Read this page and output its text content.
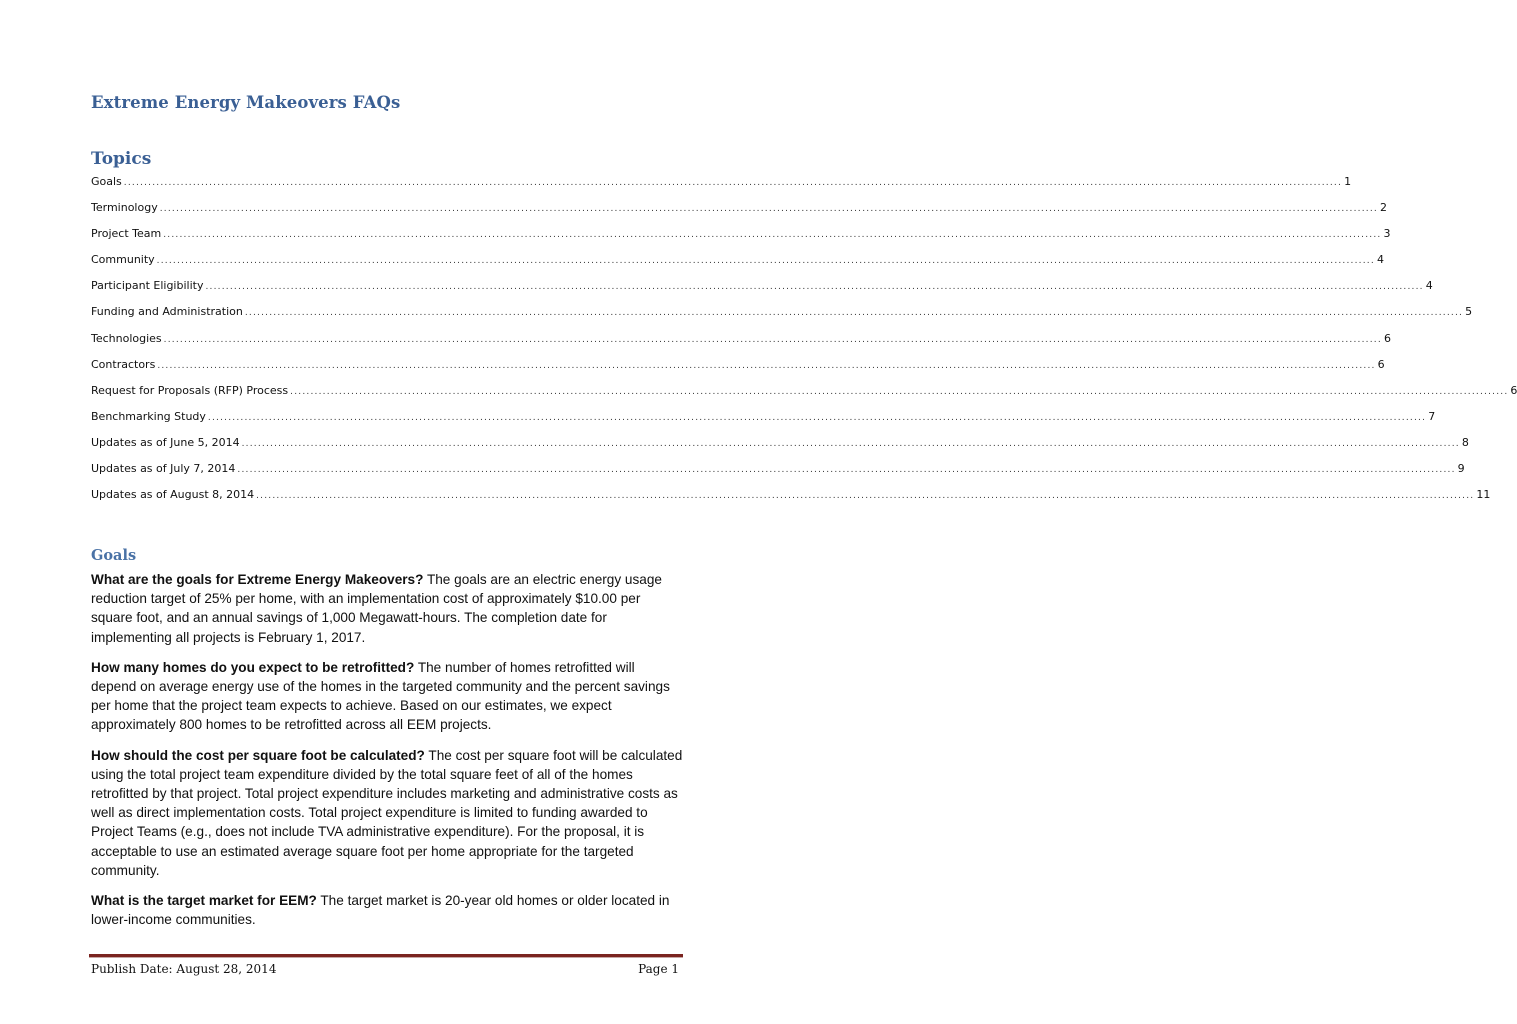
Extreme Energy Makeovers FAQs
Topics
Goals ............................................................................................................................................................................................................................................................................................................ 1
Terminology ............................................................................................................................................................................................................................................................................................................ 2
Project Team ............................................................................................................................................................................................................................................................................................................ 3
Community ............................................................................................................................................................................................................................................................................................................ 4
Participant Eligibility ............................................................................................................................................................................................................................................................................................................ 4
Funding and Administration ............................................................................................................................................................................................................................................................................................................ 5
Technologies ............................................................................................................................................................................................................................................................................................................ 6
Contractors ............................................................................................................................................................................................................................................................................................................ 6
Request for Proposals (RFP) Process ............................................................................................................................................................................................................................................................................................................ 6
Benchmarking Study ............................................................................................................................................................................................................................................................................................................ 7
Updates as of June 5, 2014 ............................................................................................................................................................................................................................................................................................................ 8
Updates as of July 7, 2014 ............................................................................................................................................................................................................................................................................................................ 9
Updates as of August 8, 2014 ............................................................................................................................................................................................................................................................................................................ 11
Goals

What are the goals for Extreme Energy Makeovers? The goals are an electric energy usage reduction target of 25% per home, with an implementation cost of approximately $10.00 per square foot, and an annual savings of 1,000 Megawatt-hours. The completion date for implementing all projects is February 1, 2017.

How many homes do you expect to be retrofitted? The number of homes retrofitted will depend on average energy use of the homes in the targeted community and the percent savings per home that the project team expects to achieve. Based on our estimates, we expect approximately 800 homes to be retrofitted across all EEM projects.

How should the cost per square foot be calculated? The cost per square foot will be calculated using the total project team expenditure divided by the total square feet of all of the homes retrofitted by that project. Total project expenditure includes marketing and administrative costs as well as direct implementation costs. Total project expenditure is limited to funding awarded to Project Teams (e.g., does not include TVA administrative expenditure). For the proposal, it is acceptable to use an estimated average square foot per home appropriate for the targeted community.

What is the target market for EEM? The target market is 20-year old homes or older located in lower-income communities.

Publish Date: August 28, 2014	Page 1
